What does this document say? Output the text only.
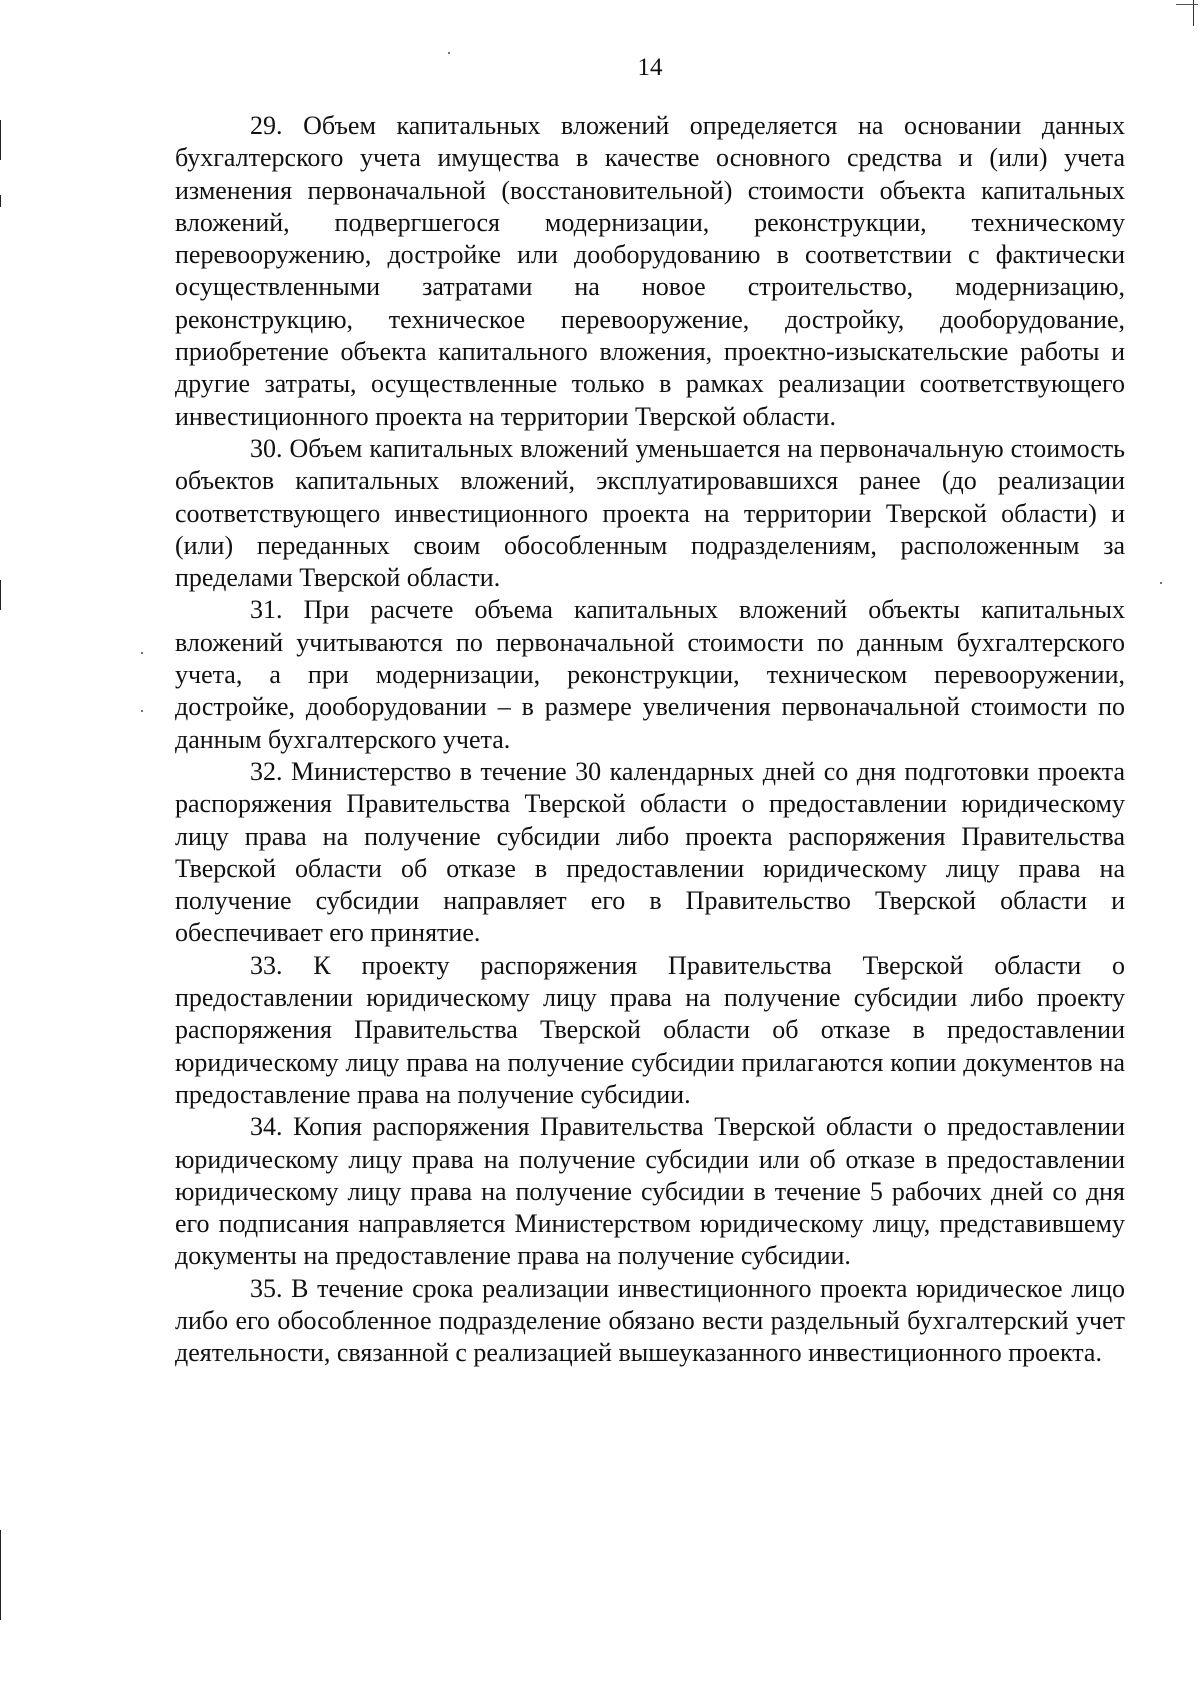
14

29. Объем капитальных вложений определяется на основании данных бухгалтерского учета имущества в качестве основного средства и (или) учета изменения первоначальной (восстановительной) стоимости объекта капитальных вложений, подвергшегося модернизации, реконструкции, техническому перевооружению, достройке или дооборудованию в соответствии с фактически осуществленными затратами на новое строительство, модернизацию, реконструкцию, техническое перевооружение, достройку, дооборудование, приобретение объекта капитального вложения, проектно-изыскательские работы и другие затраты, осуществленные только в рамках реализации соответствующего инвестиционного проекта на территории Тверской области.

30. Объем капитальных вложений уменьшается на первоначальную стоимость объектов капитальных вложений, эксплуатировавшихся ранее (до реализации соответствующего инвестиционного проекта на территории Тверской области) и (или) переданных своим обособленным подразделениям, расположенным за пределами Тверской области.

31. При расчете объема капитальных вложений объекты капитальных вложений учитываются по первоначальной стоимости по данным бухгалтерского учета, а при модернизации, реконструкции, техническом перевооружении, достройке, дооборудовании – в размере увеличения первоначальной стоимости по данным бухгалтерского учета.

32. Министерство в течение 30 календарных дней со дня подготовки проекта распоряжения Правительства Тверской области о предоставлении юридическому лицу права на получение субсидии либо проекта распоряжения Правительства Тверской области об отказе в предоставлении юридическому лицу права на получение субсидии направляет его в Правительство Тверской области и обеспечивает его принятие.

33. К проекту распоряжения Правительства Тверской области о предоставлении юридическому лицу права на получение субсидии либо проекту распоряжения Правительства Тверской области об отказе в предоставлении юридическому лицу права на получение субсидии прилагаются копии документов на предоставление права на получение субсидии.

34. Копия распоряжения Правительства Тверской области о предоставлении юридическому лицу права на получение субсидии или об отказе в предоставлении юридическому лицу права на получение субсидии в течение 5 рабочих дней со дня его подписания направляется Министерством юридическому лицу, представившему документы на предоставление права на получение субсидии.

35. В течение срока реализации инвестиционного проекта юридическое лицо либо его обособленное подразделение обязано вести раздельный бухгалтерский учет деятельности, связанной с реализацией вышеуказанного инвестиционного проекта.
